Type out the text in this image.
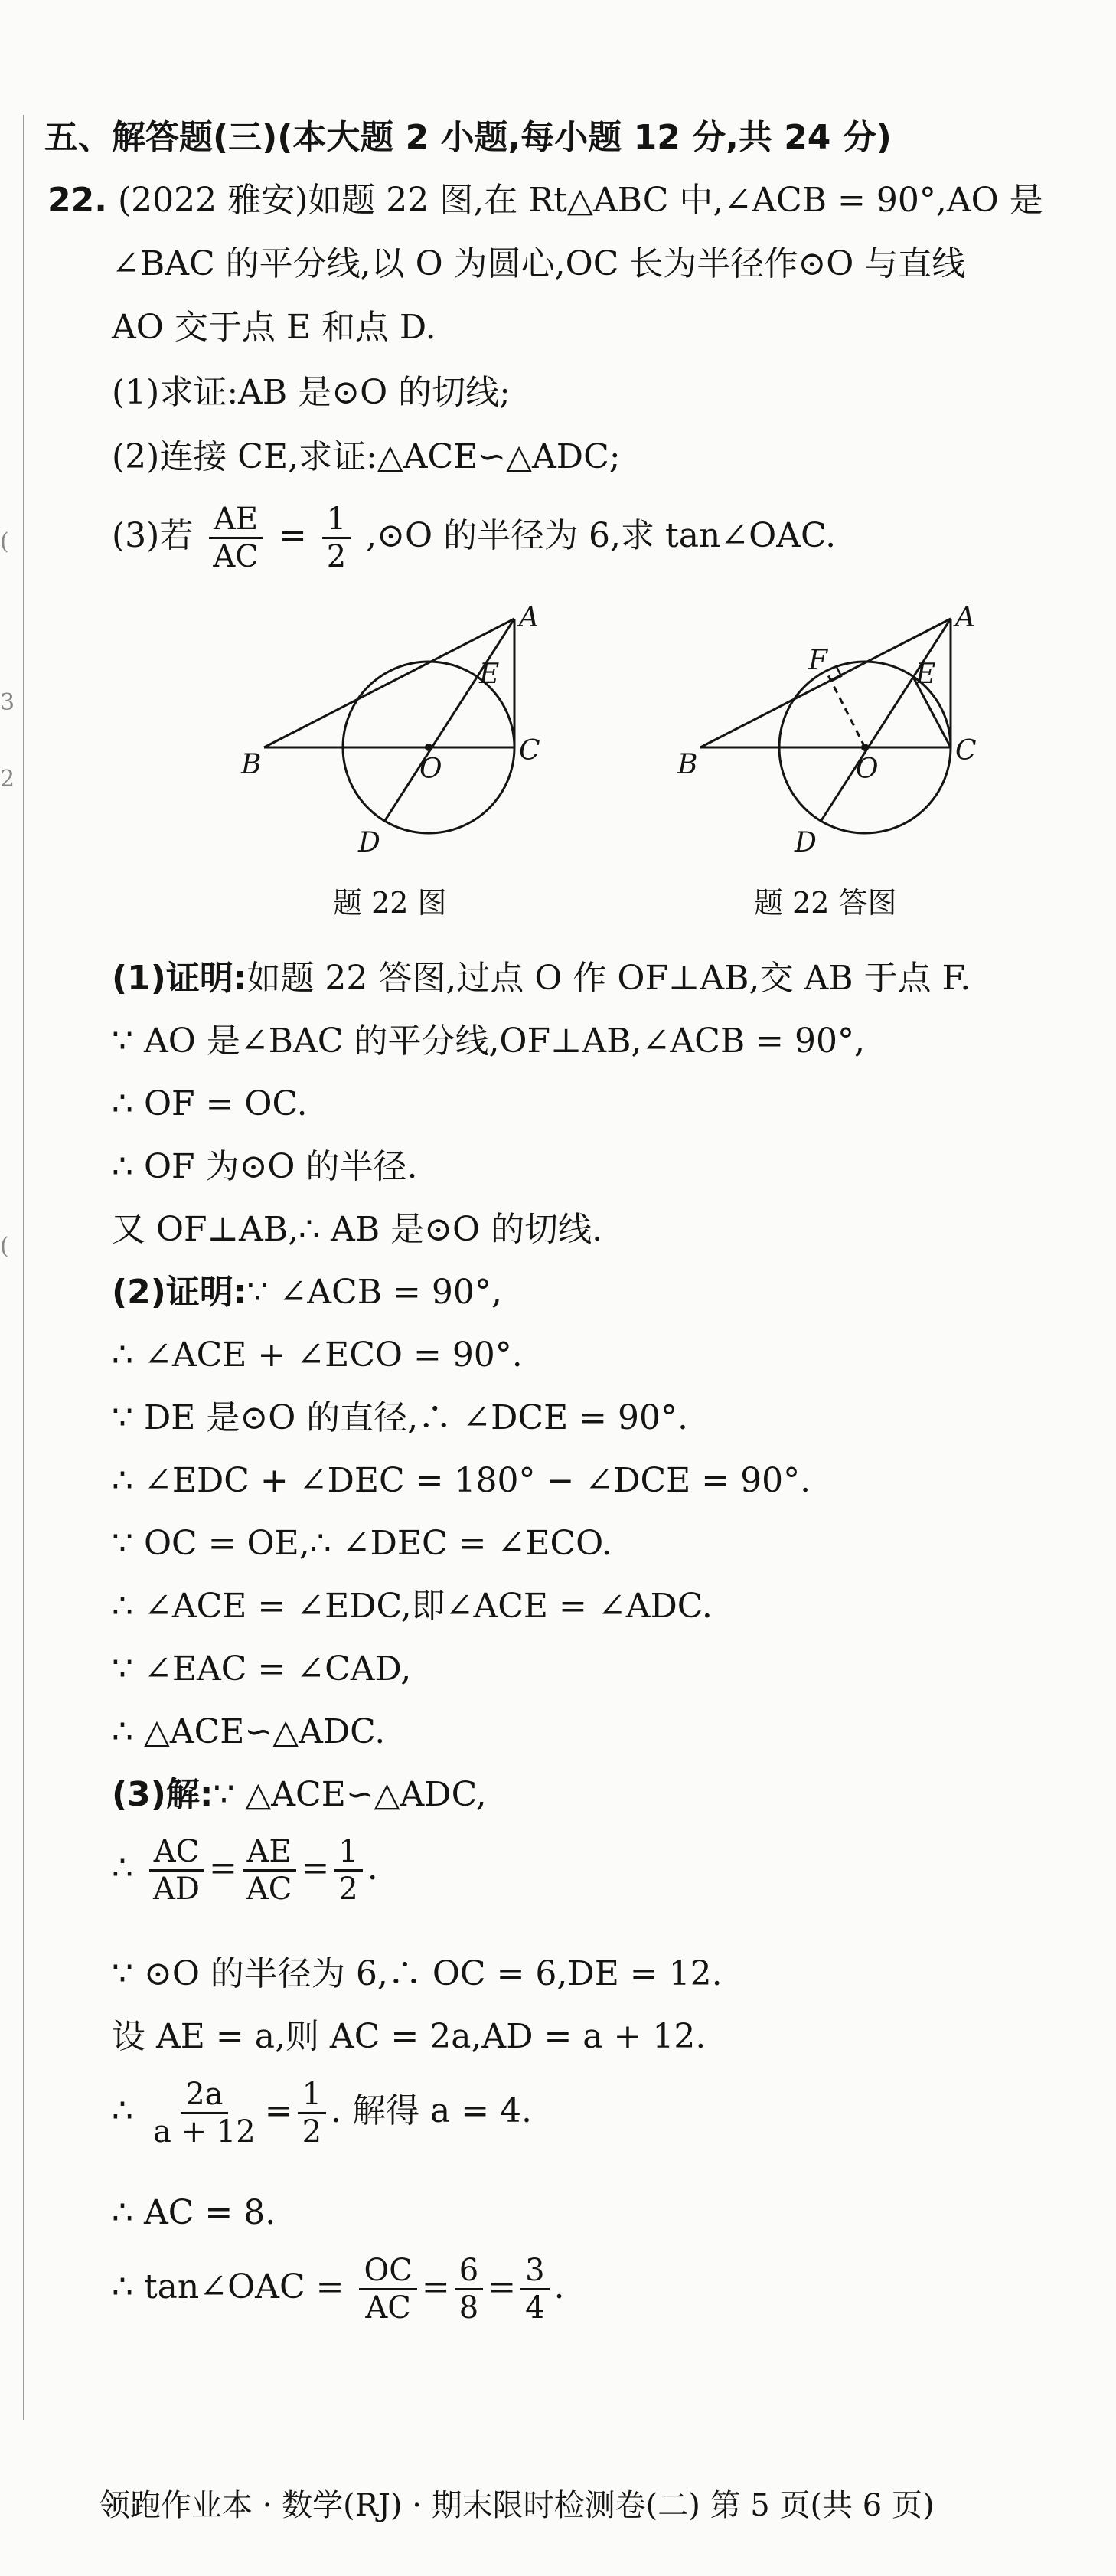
(
3
2
(
五、解答题(三)(本大题 2 小题,每小题 12 分,共 24 分)
22. (2022 雅安)如题 22 图,在 Rt△ABC 中,∠ACB = 90°,AO 是
∠BAC 的平分线,以 O 为圆心,OC 长为半径作⊙O 与直线
AO 交于点 E 和点 D.
(1)求证:AB 是⊙O 的切线;
(2)连接 CE,求证:△ACE∽△ADC;
(3)若 $\frac{AE}{AC} = \frac{1}{2}$ ,⊙O 的半径为 6,求 tan∠OAC.
A
E
B	O
C
D
题 22 图
A
F	E
B	O
C
D
题 22 答图
(1)证明:如题 22 答图,过点 O 作 OF⊥AB,交 AB 于点 F.
∵ AO 是∠BAC 的平分线,OF⊥AB,∠ACB = 90°,
∴ OF = OC.
∴ OF 为⊙O 的半径.
又 OF⊥AB,∴ AB 是⊙O 的切线.
(2)证明:∵ ∠ACB = 90°,
∴ ∠ACE + ∠ECO = 90°.
∵ DE 是⊙O 的直径,∴ ∠DCE = 90°.
∴ ∠EDC + ∠DEC = 180° − ∠DCE = 90°.
∵ OC = OE,∴ ∠DEC = ∠ECO.
∴ ∠ACE = ∠EDC,即∠ACE = ∠ADC.
∵ ∠EAC = ∠CAD,
∴ △ACE∽△ADC.
(3)解:∵ △ACE∽△ADC,
∴ $\frac{AC}{AD} = \frac{AE}{AC} = \frac{1}{2}$ .
∵ ⊙O 的半径为 6,∴ OC = 6,DE = 12.
设 AE = a,则 AC = 2a,AD = a + 12.
∴ $\frac{2a}{a + 12} = \frac{1}{2}$ . 解得 a = 4.
∴ AC = 8.
∴ tan∠OAC = $\frac{OC}{AC} = \frac{6}{8} = \frac{3}{4}$ .
领跑作业本 · 数学(RJ) · 期末限时检测卷(二) 第 5 页(共 6 页)
